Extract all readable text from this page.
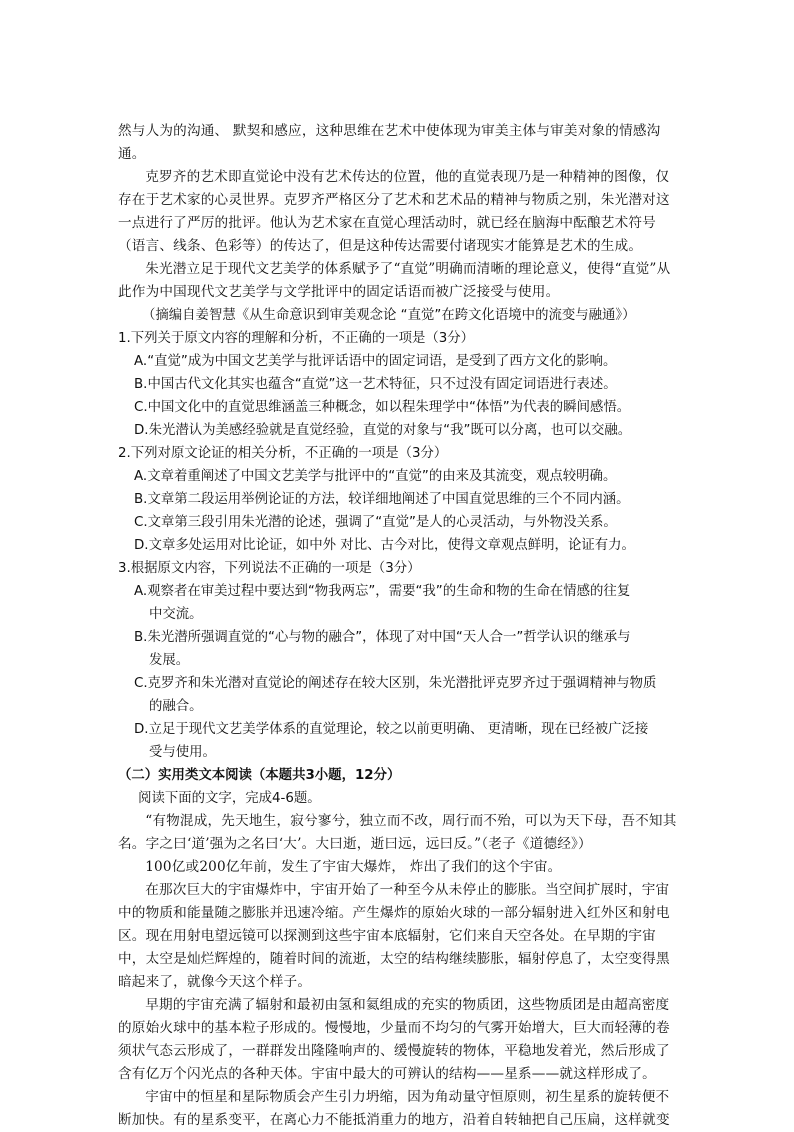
然与人为的沟通、 默契和感应，这种思维在艺术中使体现为审美主体与审美对象的情感沟通。

克罗齐的艺术即直觉论中没有艺术传达的位置，他的直觉表现乃是一种精神的图像，仅存在于艺术家的心灵世界。克罗齐严格区分了艺术和艺术品的精神与物质之别，朱光潜对这一点进行了严厉的批评。他认为艺术家在直觉心理活动时，就已经在脑海中酝酿艺术符号（语言、线条、色彩等）的传达了，但是这种传达需要付诸现实才能算是艺术的生成。

朱光潜立足于现代文艺美学的体系赋予了“直觉”明确而清晰的理论意义，使得“直觉”从此作为中国现代文艺美学与文学批评中的固定话语而被广泛接受与使用。

（摘编自姜智慧《从生命意识到审美观念论 “直觉”在跨文化语境中的流变与融通》）

1.下列关于原文内容的理解和分析，不正确的一项是（3分）

A.“直觉”成为中国文艺美学与批评话语中的固定词语，是受到了西方文化的影响。

B.中国古代文化其实也蕴含“直觉”这一艺术特征，只不过没有固定词语进行表述。

C.中国文化中的直觉思维涵盖三种概念，如以程朱理学中“体悟”为代表的瞬间感悟。

D.朱光潜认为美感经验就是直觉经验，直觉的对象与“我”既可以分离，也可以交融。

2.下列对原文论证的相关分析，不正确的一项是（3分）

A.文章着重阐述了中国文艺美学与批评中的“直觉”的由来及其流变，观点较明确。

B.文章第二段运用举例论证的方法，较详细地阐述了中国直觉思维的三个不同内涵。

C.文章第三段引用朱光潜的论述，强调了“直觉”是人的心灵活动，与外物没关系。

D.文章多处运用对比论证，如中外 对比、古今对比，使得文章观点鲜明，论证有力。

3.根据原文内容，下列说法不正确的一项是（3分）

A.观察者在审美过程中要达到“物我两忘”，需要“我”的生命和物的生命在情感的往复
中交流。

B.朱光潜所强调直觉的“心与物的融合”，体现了对中国“天人合一”哲学认识的继承与
发展。

C.克罗齐和朱光潜对直觉论的阐述存在较大区别，朱光潜批评克罗齐过于强调精神与物质
的融合。

D.立足于现代文艺美学体系的直觉理论，较之以前更明确、 更清晰，现在已经被广泛接
受与使用。

（二）实用类文本阅读（本题共3小题，12分）

阅读下面的文字，完成4-6题。

“有物混成，先天地生，寂兮寥兮，独立而不改，周行而不殆，可以为天下母，吾不知其名。字之曰‘道’强为之名曰‘大’。大曰逝，逝曰远，远曰反。”（老子《道德经》）

100亿或200亿年前，发生了宇宙大爆炸， 炸出了我们的这个宇宙。

在那次巨大的宇宙爆炸中，宇宙开始了一种至今从未停止的膨胀。当空间扩展时，宇宙中的物质和能量随之膨胀并迅速冷缩。产生爆炸的原始火球的一部分辐射进入红外区和射电区。现在用射电望远镜可以探测到这些宇宙本底辐射，它们来自天空各处。在早期的宇宙中，太空是灿烂辉煌的，随着时间的流逝，太空的结构继续膨胀，辐射停息了，太空变得黑暗起来了，就像今天这个样子。

早期的宇宙充满了辐射和最初由氢和氦组成的充实的物质团，这些物质团是由超高密度的原始火球中的基本粒子形成的。慢慢地，少量而不均匀的气雾开始增大，巨大而轻薄的卷须状气态云形成了，一群群发出隆隆响声的、缓慢旋转的物体，平稳地发着光，然后形成了含有亿万个闪光点的各种天体。宇宙中最大的可辨认的结构——星系——就这样形成了。

宇宙中的恒星和星际物质会产生引力坍缩，因为角动量守恒原则，初生星系的旋转便不断加快。有的星系变平，在离心力不能抵消重力的地方，沿着自转轴把自己压扁，这样就变
